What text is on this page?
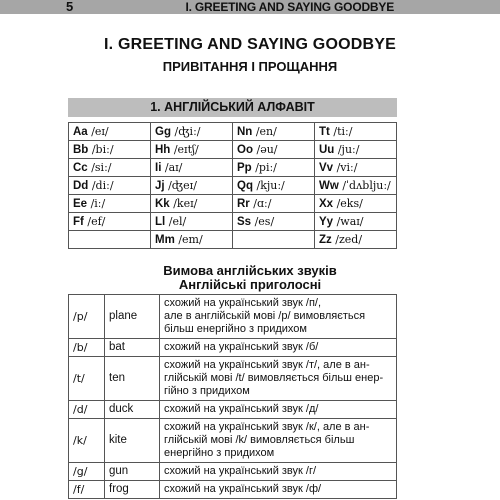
5	I. GREETING AND SAYING GOODBYE
I. GREETING AND SAYING GOODBYE
ПРИВІТАННЯ І ПРОЩАННЯ
1. АНГЛІЙСЬКИЙ АЛФАВІТ
Aa /eɪ/	Gg /ʤiː/	Nn /en/	Tt /tiː/
Bb /biː/	Hh /eɪtʃ/	Oo /əu/	Uu /juː/
Cc /siː/	Ii /aɪ/	Pp /piː/	Vv /viː/
Dd /diː/	Jj /ʤeɪ/	Qq /kjuː/	Ww /ˈdʌbljuː/
Ee /iː/	Kk /keɪ/	Rr /ɑː/	Xx /eks/
Ff /ef/	Ll /el/	Ss /es/	Yy /waɪ/
	Mm /em/		Zz /zed/
Вимова англійських звуків
Англійські приголосні
/p/	plane	схожий на український звук /п/,
але в англійській мові /p/ вимовляється
більш енергійно з придихом

/b/	bat	схожий на український звук /б/

/t/	ten	схожий на український звук /т/, але в ан-
глійській мові /t/ вимовляється більш енер-
гійно з придихом

/d/	duck	схожий на український звук /д/

/k/	kite	схожий на український звук /к/, але в ан-
глійській мові /k/ вимовляється більш
енергійно з придихом

/g/	gun	схожий на український звук /г/

/f/	frog	схожий на український звук /ф/
